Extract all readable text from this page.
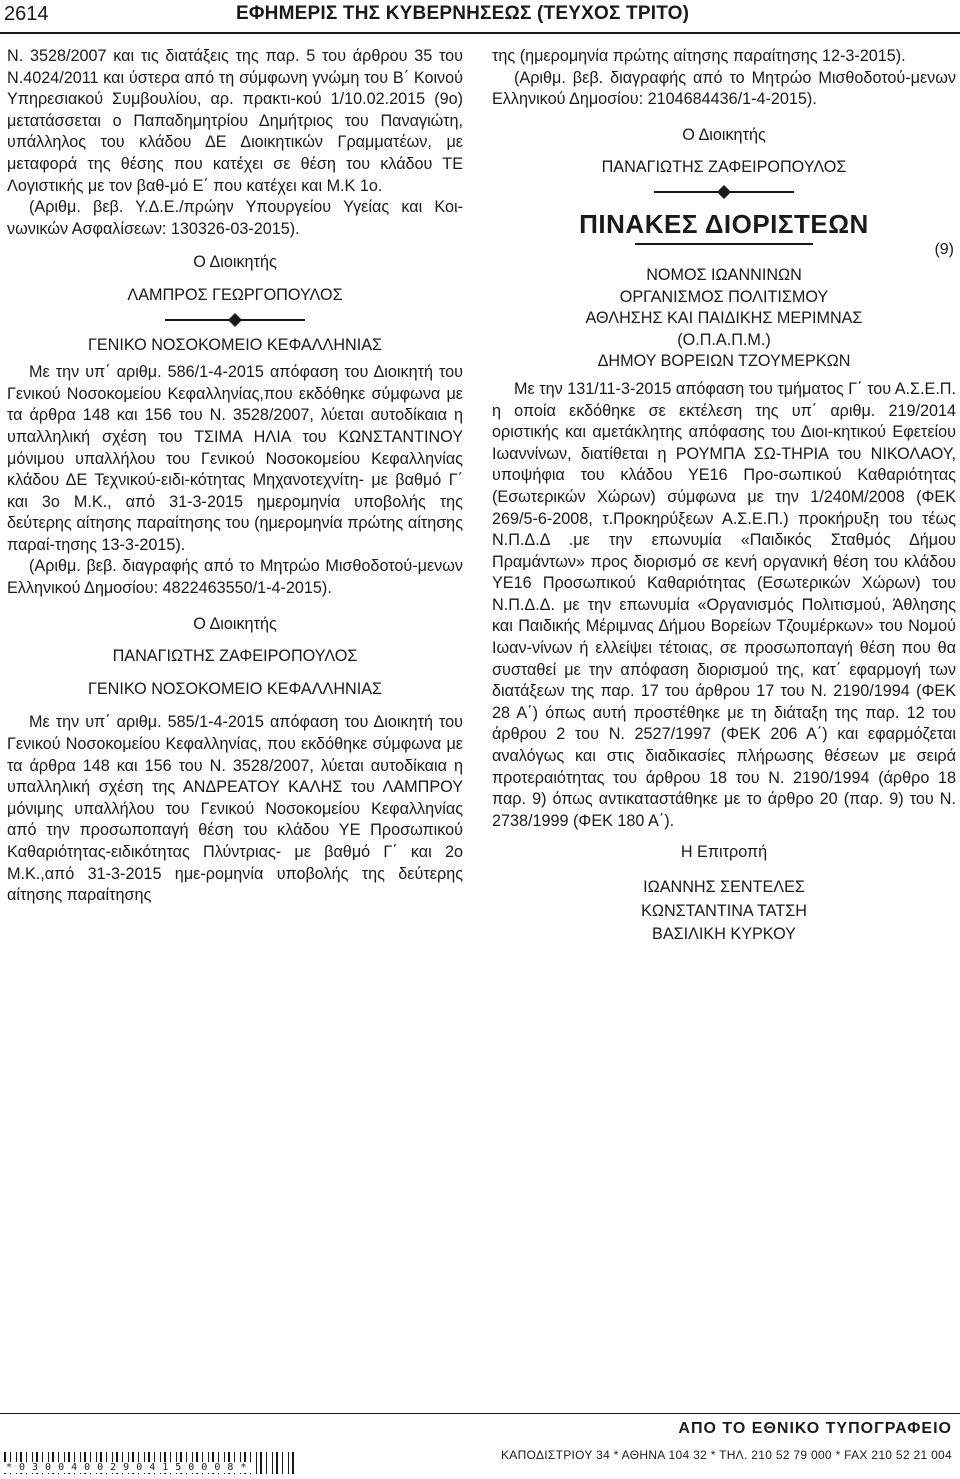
2614	ΕΦΗΜΕΡΙΣ ΤΗΣ ΚΥΒΕΡΝΗΣΕΩΣ (ΤΕΥΧΟΣ ΤΡΙΤΟ)

Ν. 3528/2007 και τις διατάξεις της παρ. 5 του άρθρου 35 του Ν.4024/2011 και ύστερα από τη σύμφωνη γνώμη του Β΄ Κοινού Υπηρεσιακού Συμβουλίου, αρ. πρακτι-κού 1/10.02.2015 (9ο) μετατάσσεται ο Παπαδημητρίου Δημήτριος του Παναγιώτη, υπάλληλος του κλάδου ΔΕ Διοικητικών Γραμματέων, με μεταφορά της θέσης που κατέχει σε θέση του κλάδου ΤΕ Λογιστικής με τον βαθ-μό Ε΄ που κατέχει και Μ.Κ 1ο.

(Αριθμ. βεβ. Υ.Δ.Ε./πρώην Υπουργείου Υγείας και Κοι-νωνικών Ασφαλίσεων: 130326-03-2015).

Ο Διοικητής

ΛΑΜΠΡΟΣ ΓΕΩΡΓΟΠΟΥΛΟΣ

ΓΕΝΙΚΟ ΝΟΣΟΚΟΜΕΙΟ ΚΕΦΑΛΛΗΝΙΑΣ

Με την υπ΄ αριθμ. 586/1-4-2015 απόφαση του Διοικητή του Γενικού Νοσοκομείου Κεφαλληνίας,που εκδόθηκε σύμφωνα με τα άρθρα 148 και 156 του Ν. 3528/2007, λύεται αυτοδίκαια η υπαλληλική σχέση του ΤΣΙΜΑ ΗΛΙΑ του ΚΩΝΣΤΑΝΤΙΝΟΥ μόνιμου υπαλλήλου του Γενικού Νοσοκομείου Κεφαλληνίας κλάδου ΔΕ Τεχνικού-ειδι-κότητας Μηχανοτεχνίτη- με βαθμό Γ΄ και 3ο Μ.Κ., από 31-3-2015 ημερομηνία υποβολής της δεύτερης αίτησης παραίτησης του (ημερομηνία πρώτης αίτησης παραί-τησης 13-3-2015).

(Αριθμ. βεβ. διαγραφής από το Μητρώο Μισθοδοτού-μενων Ελληνικού Δημοσίου: 4822463550/1-4-2015).

Ο Διοικητής

ΠΑΝΑΓΙΩΤΗΣ ΖΑΦΕΙΡΟΠΟΥΛΟΣ

ΓΕΝΙΚΟ ΝΟΣΟΚΟΜΕΙΟ ΚΕΦΑΛΛΗΝΙΑΣ

Με την υπ΄ αριθμ. 585/1-4-2015 απόφαση του Διοικητή του Γενικού Νοσοκομείου Κεφαλληνίας, που εκδόθηκε σύμφωνα με τα άρθρα 148 και 156 του Ν. 3528/2007, λύεται αυτοδίκαια η υπαλληλική σχέση της ΑΝΔΡΕΑΤΟΥ ΚΑΛΗΣ του ΛΑΜΠΡΟΥ μόνιμης υπαλλήλου του Γενικού Νοσοκομείου Κεφαλληνίας από την προσωποπαγή θέση του κλάδου ΥΕ Προσωπικού Καθαριότητας-ειδικότητας Πλύντριας- με βαθμό Γ΄ και 2ο Μ.Κ.,από 31-3-2015 ημε-ρομηνία υποβολής της δεύτερης αίτησης παραίτησης

της (ημερομηνία πρώτης αίτησης παραίτησης 12-3-2015).

(Αριθμ. βεβ. διαγραφής από το Μητρώο Μισθοδοτού-μενων Ελληνικού Δημοσίου: 2104684436/1-4-2015).

Ο Διοικητής

ΠΑΝΑΓΙΩΤΗΣ ΖΑΦΕΙΡΟΠΟΥΛΟΣ

ΠΙΝΑΚΕΣ ΔΙΟΡΙΣΤΕΩΝ

(9)

ΝΟΜΟΣ ΙΩΑΝΝΙΝΩΝ

ΟΡΓΑΝΙΣΜΟΣ ΠΟΛΙΤΙΣΜΟΥ

ΑΘΛΗΣΗΣ ΚΑΙ ΠΑΙΔΙΚΗΣ ΜΕΡΙΜΝΑΣ

(Ο.Π.Α.Π.Μ.)

ΔΗΜΟΥ ΒΟΡΕΙΩΝ ΤΖΟΥΜΕΡΚΩΝ

Με την 131/11-3-2015 απόφαση του τμήματος Γ΄ του Α.Σ.Ε.Π. η οποία εκδόθηκε σε εκτέλεση της υπ΄ αριθμ. 219/2014 οριστικής και αμετάκλητης απόφασης του Διοι-κητικού Εφετείου Ιωαννίνων, διατίθεται η ΡΟΥΜΠΑ ΣΩ-ΤΗΡΙΑ του ΝΙΚΟΛΑΟΥ, υποψήφια του κλάδου ΥΕ16 Προ-σωπικού Καθαριότητας (Εσωτερικών Χώρων) σύμφωνα με την 1/240Μ/2008 (ΦΕΚ 269/5-6-2008, τ.Προκηρύξεων Α.Σ.Ε.Π.) προκήρυξη του τέως Ν.Π.Δ.Δ .με την επωνυμία «Παιδικός Σταθμός Δήμου Πραμάντων» προς διορισμό σε κενή οργανική θέση του κλάδου ΥΕ16 Προσωπικού Καθαριότητας (Εσωτερικών Χώρων) του Ν.Π.Δ.Δ. με την επωνυμία «Οργανισμός Πολιτισμού, Άθλησης και Παιδικής Μέριμνας Δήμου Βορείων Τζουμέρκων» του Νομού Ιωαν-νίνων ή ελλείψει τέτοιας, σε προσωποπαγή θέση που θα συσταθεί με την απόφαση διορισμού της, κατ΄ εφαρμογή των διατάξεων της παρ. 17 του άρθρου 17 του Ν. 2190/1994 (ΦΕΚ 28 Α΄) όπως αυτή προστέθηκε με τη διάταξη της παρ. 12 του άρθρου 2 του Ν. 2527/1997 (ΦΕΚ 206 Α΄) και εφαρμόζεται αναλόγως και στις διαδικασίες πλήρωσης θέσεων με σειρά προτεραιότητας του άρθρου 18 του Ν. 2190/1994 (άρθρο 18 παρ. 9) όπως αντικαταστάθηκε με το άρθρο 20 (παρ. 9) του Ν. 2738/1999 (ΦΕΚ 180 Α΄).

Η Επιτροπή

ΙΩΑΝΝΗΣ ΣΕΝΤΕΛΕΣ

ΚΩΝΣΤΑΝΤΙΝΑ ΤΑΤΣΗ

ΒΑΣΙΛΙΚΗ ΚΥΡΚΟΥ

ΑΠΟ ΤΟ ΕΘΝΙΚΟ ΤΥΠΟΓΡΑΦΕΙΟ
ΚΑΠΟΔΙΣΤΡΙΟΥ 34 * ΑΘΗΝΑ 104 32 * ΤΗΛ. 210 52 79 000 * FAX 210 52 21 004
*03004002904150008*
